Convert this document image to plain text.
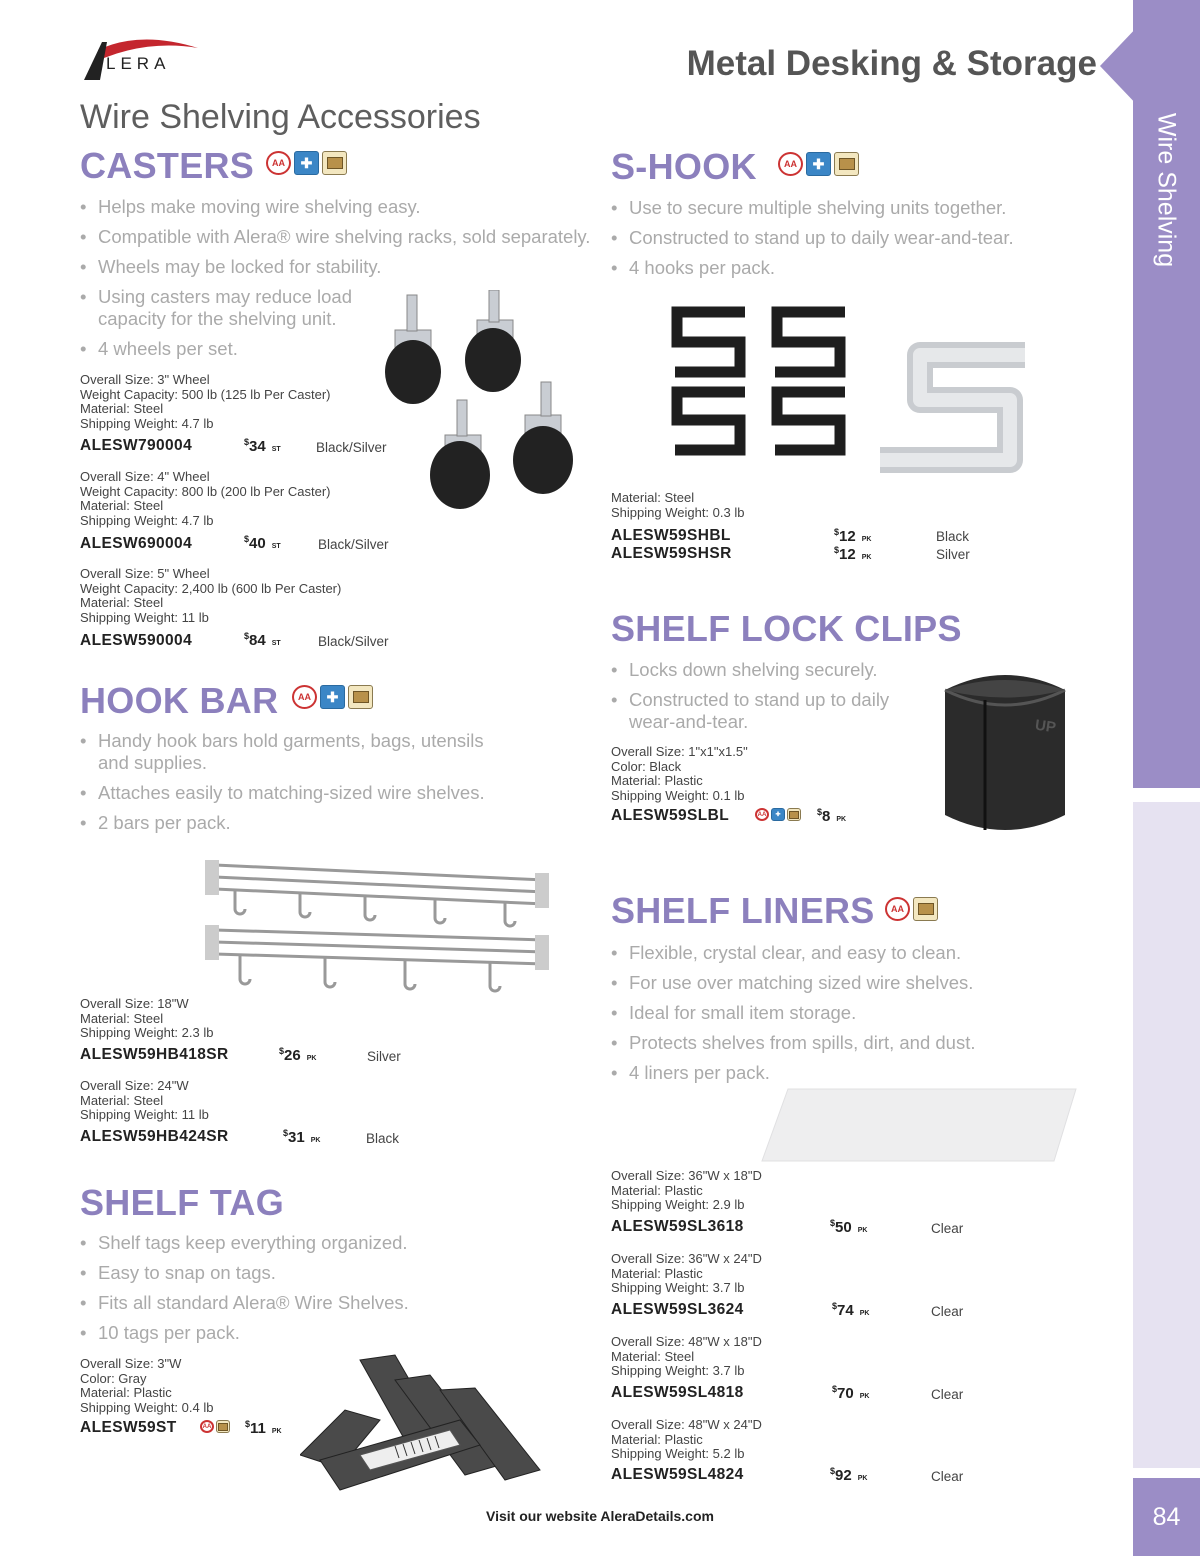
Wire Shelving
84
LERA	Metal Desking & Storage
Wire Shelving Accessories
CASTERS	AA	✚
• Helps make moving wire shelving easy.
• Compatible with Alera® wire shelving racks, sold separately.
• Wheels may be locked for stability.
• Using casters may reduce load capacity for the shelving unit.
• 4 wheels per set.
Overall Size: 3" Wheel
Weight Capacity: 500 lb (125 lb Per Caster)
Material: Steel
Shipping Weight: 4.7 lb
ALESW790004	$34 ST	Black/Silver
Overall Size: 4" Wheel
Weight Capacity: 800 lb (200 lb Per Caster)
Material: Steel
Shipping Weight: 4.7 lb
ALESW690004	$40 ST	Black/Silver
Overall Size: 5" Wheel
Weight Capacity: 2,400 lb (600 lb Per Caster)
Material: Steel
Shipping Weight: 11 lb
ALESW590004	$84 ST	Black/Silver
HOOK BAR	AA	✚
• Handy hook bars hold garments, bags, utensils and supplies.
• Attaches easily to matching-sized wire shelves.
• 2 bars per pack.
Overall Size: 18"W
Material: Steel
Shipping Weight: 2.3 lb
ALESW59HB418SR	$26 PK	Silver
Overall Size: 24"W
Material: Steel
Shipping Weight: 11 lb
ALESW59HB424SR	$31 PK	Black
SHELF TAG
• Shelf tags keep everything organized.
• Easy to snap on tags.
• Fits all standard Alera® Wire Shelves.
• 10 tags per pack.
Overall Size: 3"W
Color: Gray
Material: Plastic
Shipping Weight: 0.4 lb
ALESW59ST	AA	$11 PK
S-HOOK	AA	✚
• Use to secure multiple shelving units together.
• Constructed to stand up to daily wear-and-tear.
• 4 hooks per pack.
Material: Steel
Shipping Weight: 0.3 lb
ALESW59SHBL	$12 PK	Black
ALESW59SHSR	$12 PK	Silver
SHELF LOCK CLIPS
• Locks down shelving securely.
• Constructed to stand up to daily wear-and-tear.	UP
Overall Size: 1"x1"x1.5"
Color: Black
Material: Plastic
Shipping Weight: 0.1 lb
ALESW59SLBL	AA	✚	$8 PK
SHELF LINERS	AA
• Flexible, crystal clear, and easy to clean.
• For use over matching sized wire shelves.
• Ideal for small item storage.
• Protects shelves from spills, dirt, and dust.
• 4 liners per pack.
Overall Size: 36"W x 18"D
Material: Plastic
Shipping Weight: 2.9 lb
ALESW59SL3618	$50 PK	Clear
Overall Size: 36"W x 24"D
Material: Plastic
Shipping Weight: 3.7 lb
ALESW59SL3624	$74 PK	Clear
Overall Size: 48"W x 18"D
Material: Steel
Shipping Weight: 3.7 lb
ALESW59SL4818	$70 PK	Clear
Overall Size: 48"W x 24"D
Material: Plastic
Shipping Weight: 5.2 lb
ALESW59SL4824	$92 PK	Clear
Visit our website AleraDetails.com
